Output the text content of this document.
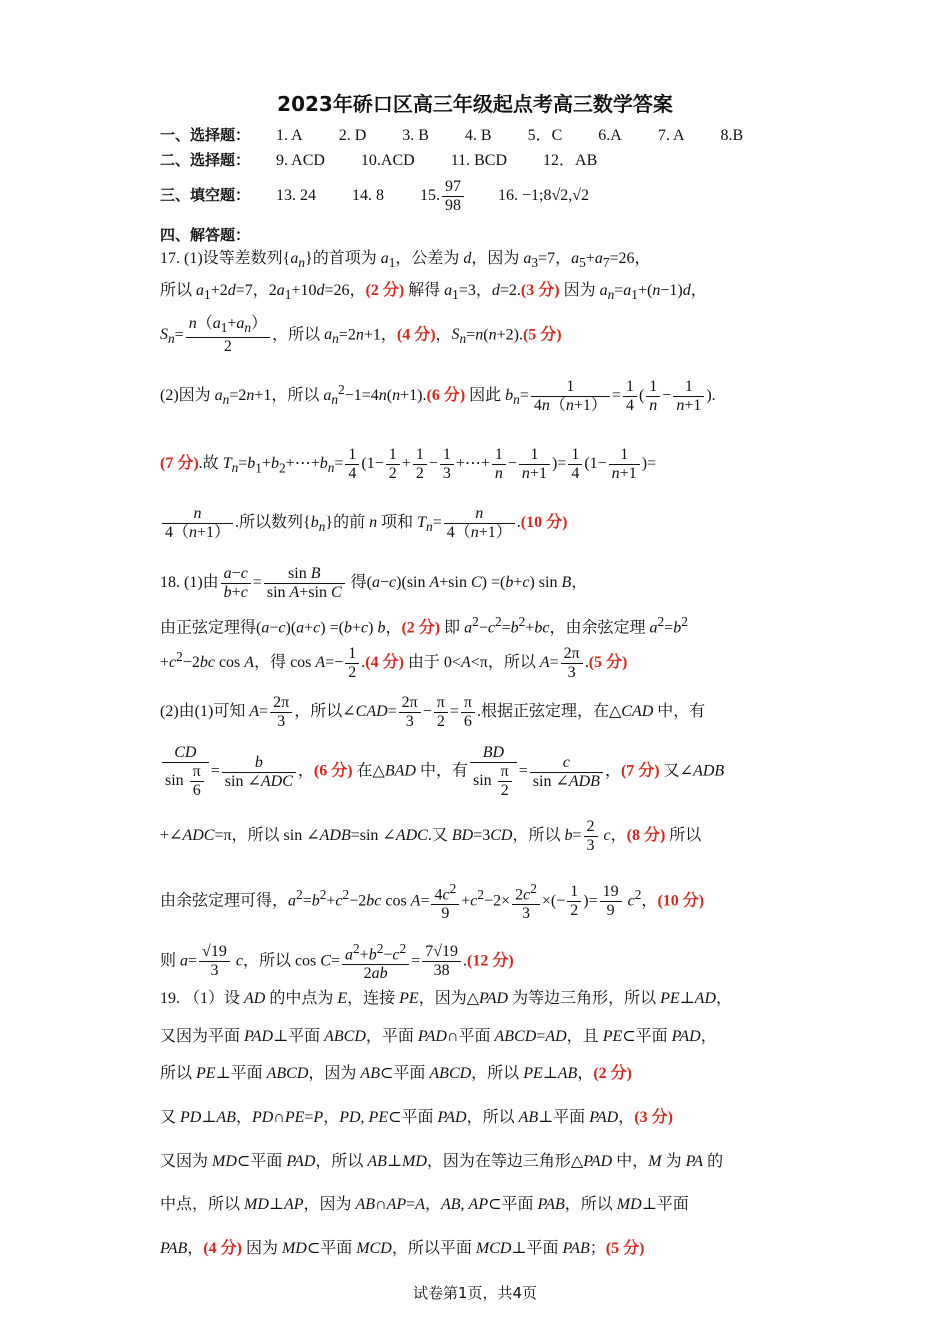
2023年硚口区高三年级起点考高三数学答案
一、选择题： 1. A 2. D 3. B 4. B 5．C 6.A 7. A 8.B
二、选择题： 9. ACD 10.ACD 11. BCD 12．AB
三、填空题： 13. 24 14. 8 15. $\frac{97}{98} 16$. −1;8√2,√2
四、解答题：
17. (1)设等差数列$\{a_n\}$的首项为 $a_1$，公差为 d，因为 $a_3=7$，$a_5+a_7=26$，
所以 $a_1+2d=7$，$2a_1+10d=26$，(2 分) 解得 $a_1=3$，d=2.(3 分) 因为 $a_n=a_1+(n-1)d$，
$S_n= \frac{n(a_1+a_n)}{2}$ ，所以 $a_n=2n+1$，(4 分)，$S_n=n(n+2).(5$ 分)
(2)因为 $a_n=2n+1$，所以 $a_n^2-1=4n(n+1).(6$ 分) 因此 $b_n= \frac{1}{4n(n+1)} = \frac{1}{4}$ ( $\frac{1}{n} - \frac{1}{n+1}$ ).
(7 分).故 $T_n=b_1+b_2+\cdots+b_n= \frac{1}{4} (1- \frac{1}{2} + \frac{1}{2} - \frac{1}{3}$ +⋯+ $\frac{1}{n} - \frac{1}{n+1}$ )= $\frac{1}{4} (1- \frac{1}{n+1}$ )=
$\frac{n}{4(n+1)}$ .所以数列$\{b_n\}$的前 n 项和 $T_n= \frac{n}{4(n+1)} .(10$ 分)
18. (1)由 $\frac{a-c}{b+c} = \frac{\text{sin B}}{\text{sin A+sin C}}$ 得(a−c)(sin A+sin C) =(b+c) sin B，
由正弦定理得(a−c)(a+c) =(b+c) b，(2 分) 即 $a^2-c^2=b^2+bc$，由余弦定理 $a^2=b^2$
$+c^2-2bc$ cos A，得 $\cos A=- \frac{1}{2} .(4$ 分) 由于 0<A<π，所以 $A= \frac{2\pi}{3} .(5$ 分)
(2)由(1)可知 $A= \frac{2\pi}{3}$ ，所以∠CAD= $\frac{2\pi}{3} - \frac{\pi}{2} = \frac{\pi}{6}$ .根据正弦定理，在△CAD 中，有
$\frac{CD}{\sin \frac{\pi}{6}} = \frac{b}{\text{sin ∠ADC}}$ ，(6 分) 在△BAD 中，有 $\frac{BD}{\sin \frac{\pi}{2}} = \frac{c}{\text{sin ∠ADB}}$ ，(7 分) 又∠ADB
+∠ADC=π，所以 sin ∠ADB=sin ∠ADC.又 BD=3CD，所以 $b= \frac{2}{3}$ c，(8 分) 所以
由余弦定理可得，$a^2=b^2+c^2-2bc$ $\cos A= \frac{4c^2}{9} +c^2-2\times \frac{2c^2}{3}$ ×(− $\frac{1}{2}$ )= $\frac{19}{9} c^2$，(10 分)
则 $a= \frac{√19}{3}$ c，所以 $\cos C= \frac{a^2+b^2-c^2}{2ab} = \frac{7√19}{38} .(12$ 分)
19. （1）设 AD 的中点为 E，连接 PE，因为△PAD 为等边三角形，所以 PE⊥AD，
又因为平面 PAD⊥平面 ABCD，平面 PAD∩平面 ABCD=AD，且 PE⊂平面 PAD，
所以 PE⊥平面 ABCD，因为 AB⊂平面 ABCD，所以 PE⊥AB，(2 分)
又 PD⊥AB，PD∩PE=P，PD, PE⊂平面 PAD，所以 AB⊥平面 PAD，(3 分)
又因为 MD⊂平面 PAD，所以 AB⊥MD，因为在等边三角形△PAD 中，M 为 PA 的
中点，所以 MD⊥AP，因为 AB∩AP=A，AB, AP⊂平面 PAB，所以 MD⊥平面
PAB，(4 分) 因为 MD⊂平面 MCD，所以平面 MCD⊥平面 PAB；(5 分)
试卷第1页，共4页
